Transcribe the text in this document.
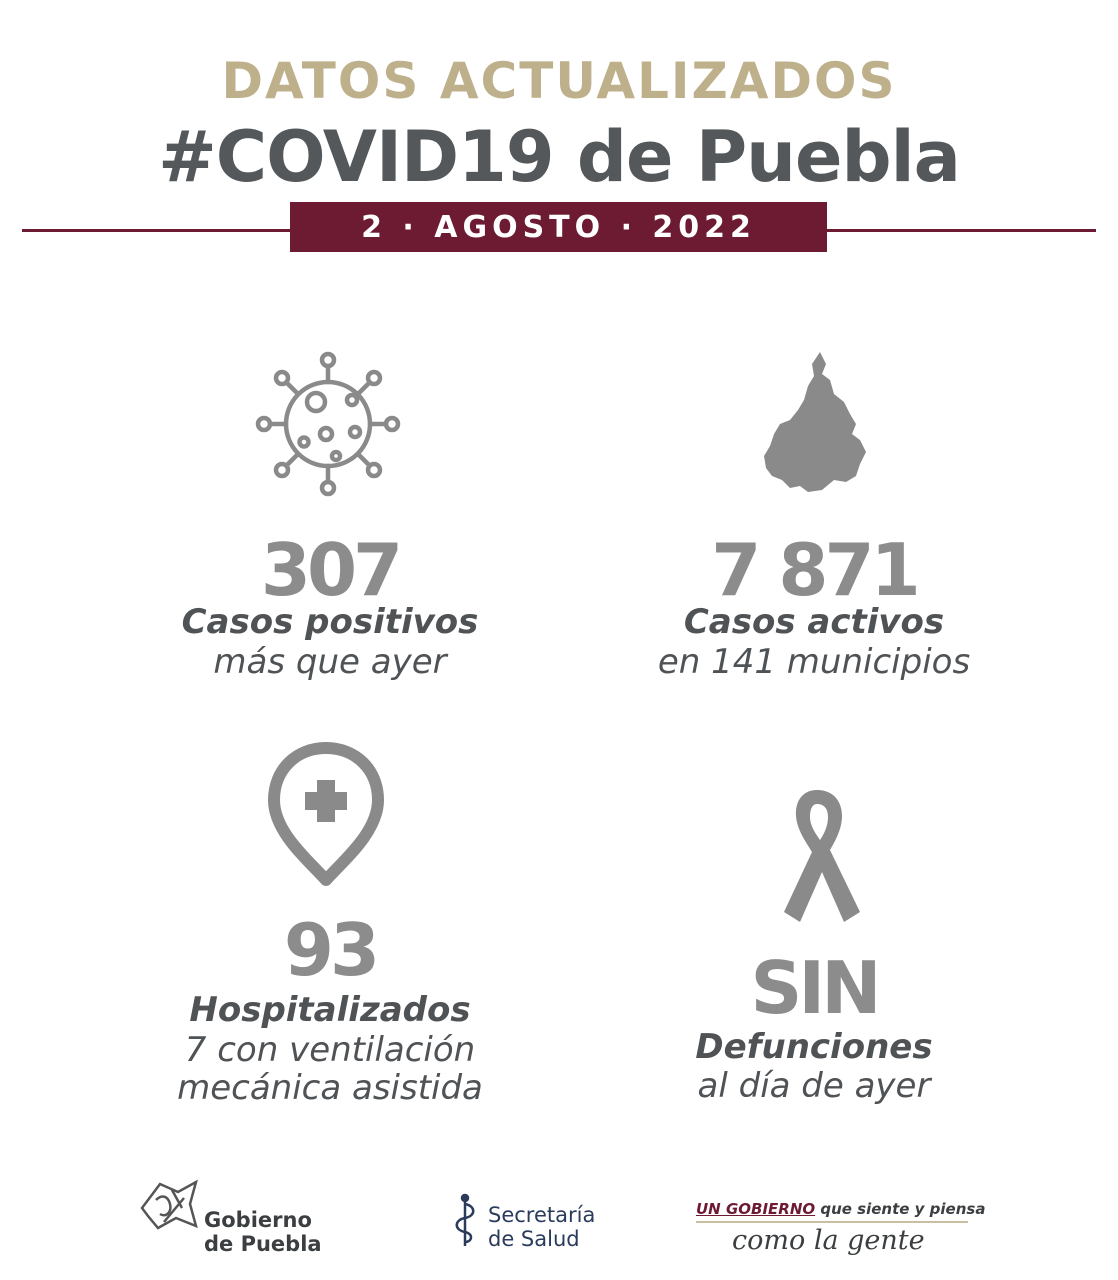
DATOS ACTUALIZADOS
#COVID19 de Puebla
2 · AGOSTO · 2022
307
Casos positivos
más que ayer
7 871
Casos activos
en 141 municipios
93
Hospitalizados
7 con ventilación
mecánica asistida
SIN
Defunciones
al día de ayer
Gobierno
de Puebla
Secretaría
de Salud
UN GOBIERNO que siente y piensa
como la gente
